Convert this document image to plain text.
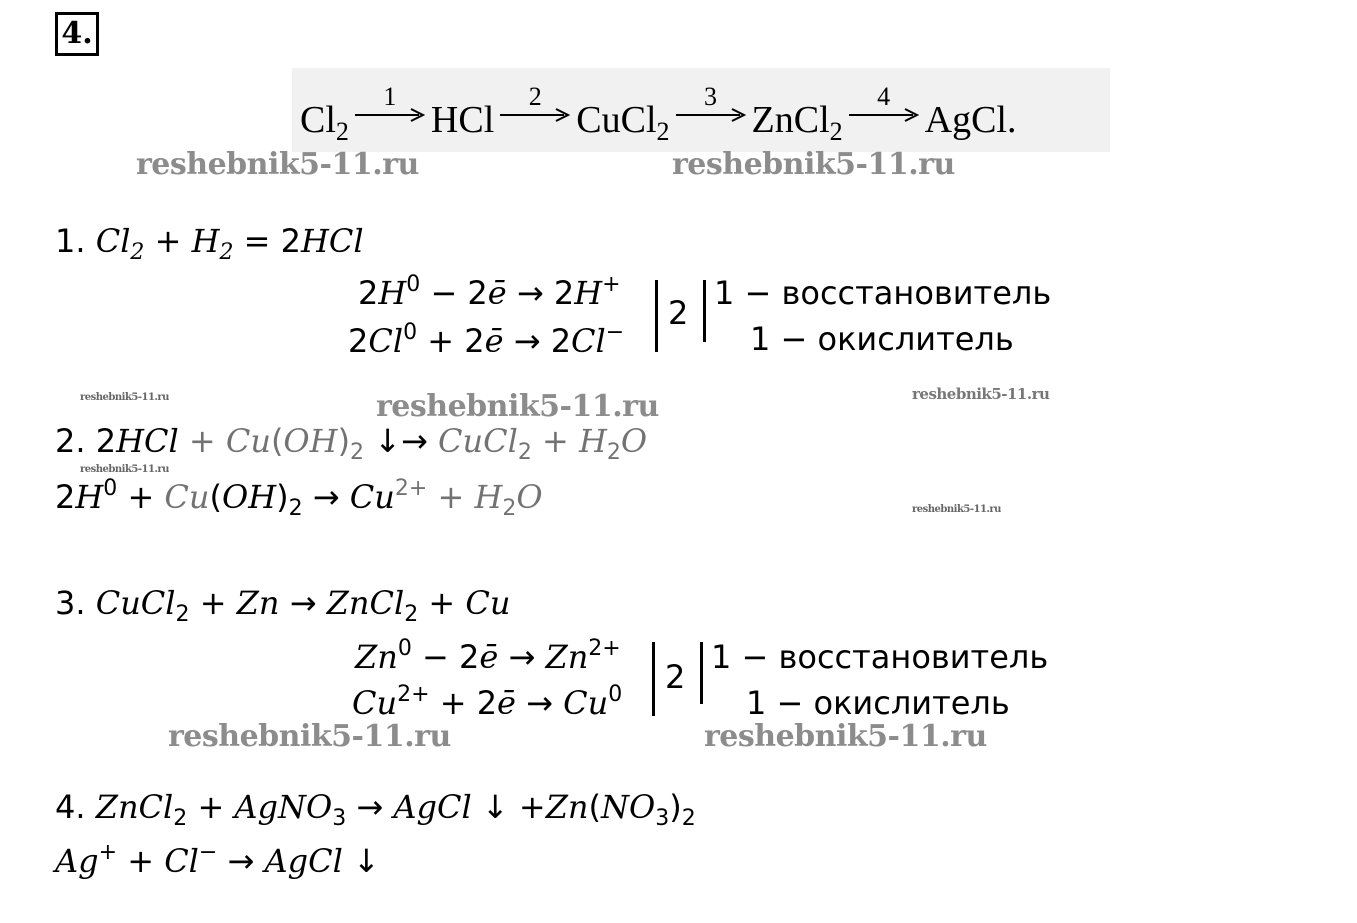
4.
$Cl_2$
1
HCl
2
CuCl$_2$
3
ZnCl$_2$
4
AgCl.
reshebnik5-11.ru	reshebnik5-11.ru
1. $Cl_2 + H_2 = 2HCl$
$2H^0$ − 2ē → 2H+
$2Cl^0$ + 2ē → 2Cl−
2
1 − восстановитель
1 − окислитель
reshebnik5-11.ru	reshebnik5-11.ru	reshebnik5-11.ru
2. $2HCl + Cu(OH)_2$ ↓→ CuCl$_2$ + $H_2O$
reshebnik5-11.ru
$2H^0 + Cu(OH)_2 \to Cu^{2+} + H_2O$	reshebnik5-11.ru
3. CuCl$_2$ + Zn → ZnCl$_2$ + Cu
$Zn^0$ − 2ē → $Zn^{2+}$
$Cu^{2+}$ + 2ē → $Cu^0$ 2
1 − восстановитель
1 − окислитель
reshebnik5-11.ru	reshebnik5-11.ru
4. ZnCl$_2$ + AgNO$_3$ → AgCl ↓ $+Zn(NO_3)_2$
Ag+ + Cl− → AgCl ↓
